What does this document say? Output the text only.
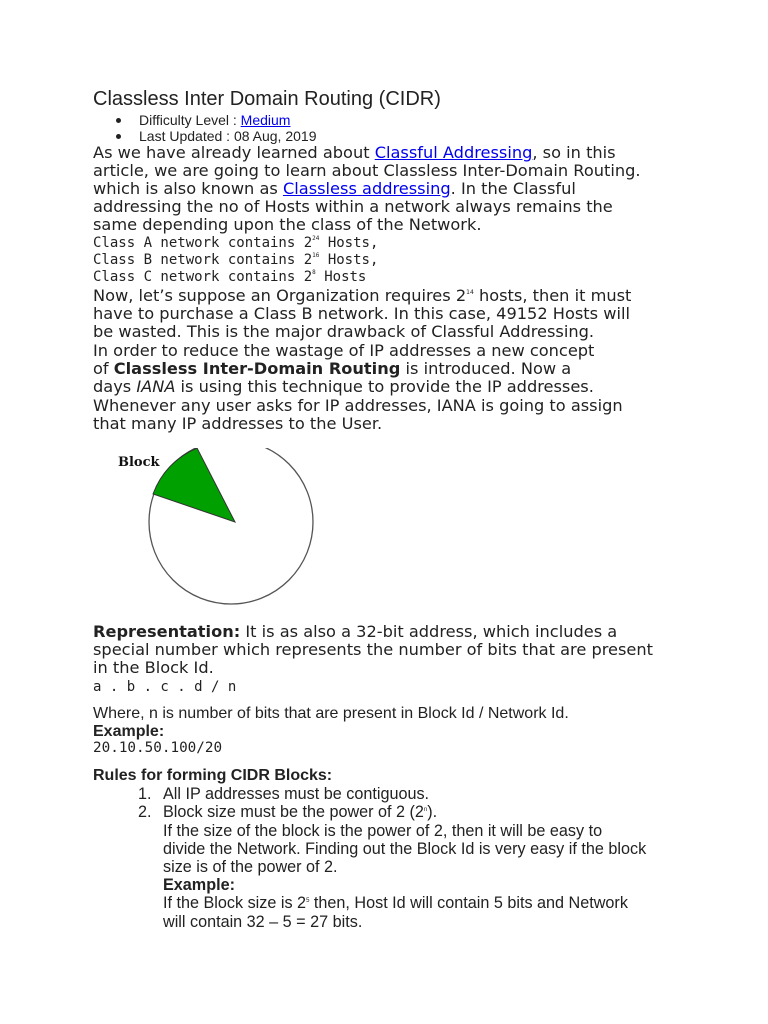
Classless Inter Domain Routing (CIDR)
Difficulty Level : Medium
Last Updated : 08 Aug, 2019
As we have already learned about Classful Addressing, so in this
article, we are going to learn about Classless Inter-Domain Routing.
which is also known as Classless addressing. In the Classful
addressing the no of Hosts within a network always remains the
same depending upon the class of the Network.
Class A network contains $2^{24}$ Hosts,
Class B network contains $2^{16}$ Hosts,
Class C network contains $2^8$ Hosts
Now, let’s suppose an Organization requires $2^{14}$ hosts, then it must
have to purchase a Class B network. In this case, 49152 Hosts will
be wasted. This is the major drawback of Classful Addressing.
In order to reduce the wastage of IP addresses a new concept
of Classless Inter-Domain Routing is introduced. Now a
days IANA is using this technique to provide the IP addresses.
Whenever any user asks for IP addresses, IANA is going to assign
that many IP addresses to the User.
Block
Representation: It is as also a 32-bit address, which includes a
special number which represents the number of bits that are present
in the Block Id.
a . b . c . d / n
Where, n is number of bits that are present in Block Id / Network Id.
Example:
20.10.50.100/20
Rules for forming CIDR Blocks:
1. All IP addresses must be contiguous.
2. Block size must be the power of 2 (2$^n$).
If the size of the block is the power of 2, then it will be easy to
divide the Network. Finding out the Block Id is very easy if the block
size is of the power of 2.
Example:
If the Block size is $2^5$ then, Host Id will contain 5 bits and Network
will contain 32 – 5 = 27 bits.
